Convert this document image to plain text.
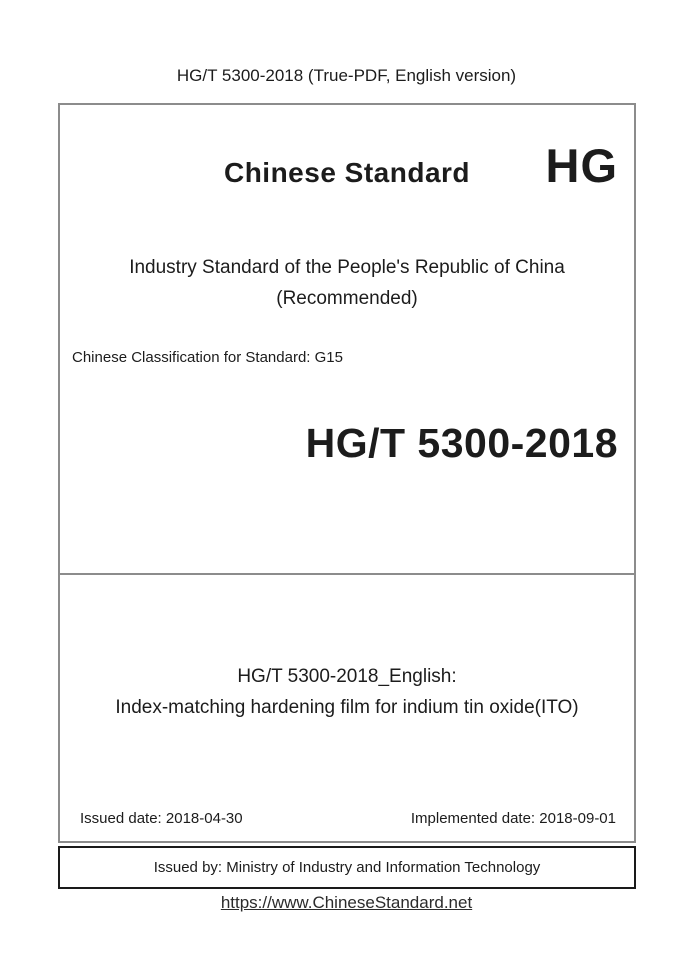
HG/T 5300-2018 (True-PDF, English version)
Chinese Standard	HG
Industry Standard of the People's Republic of China
(Recommended)
Chinese Classification for Standard: G15
HG/T 5300-2018
HG/T 5300-2018_English:
Index-matching hardening film for indium tin oxide(ITO)
Issued date: 2018-04-30	Implemented date: 2018-09-01
Issued by: Ministry of Industry and Information Technology
https://www.ChineseStandard.net
